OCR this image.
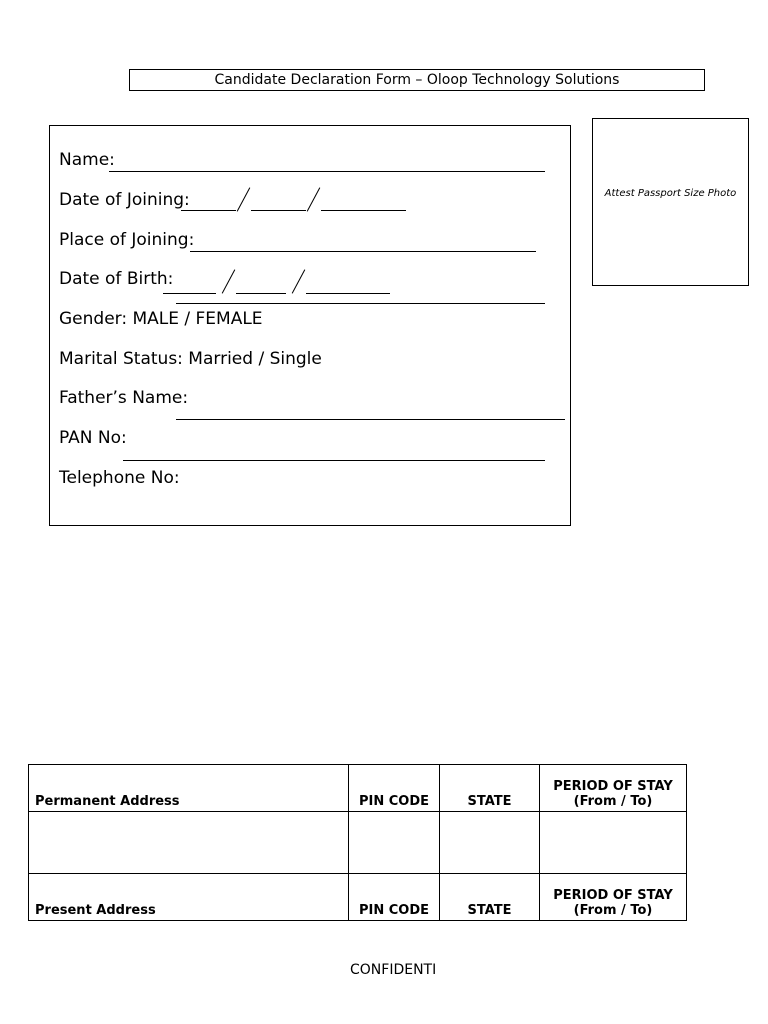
Candidate Declaration Form – Oloop Technology Solutions
Name:
Date of Joining:
Place of Joining:
Date of Birth:
Gender: MALE / FEMALE
Marital Status: Married / Single
Father’s Name:
PAN No:
Telephone No:
Attest Passport Size Photo
Permanent Address	PIN CODE	STATE	PERIOD OF STAY (From / To)

Present Address	PIN CODE	STATE	PERIOD OF STAY (From / To)
CONFIDENTI
